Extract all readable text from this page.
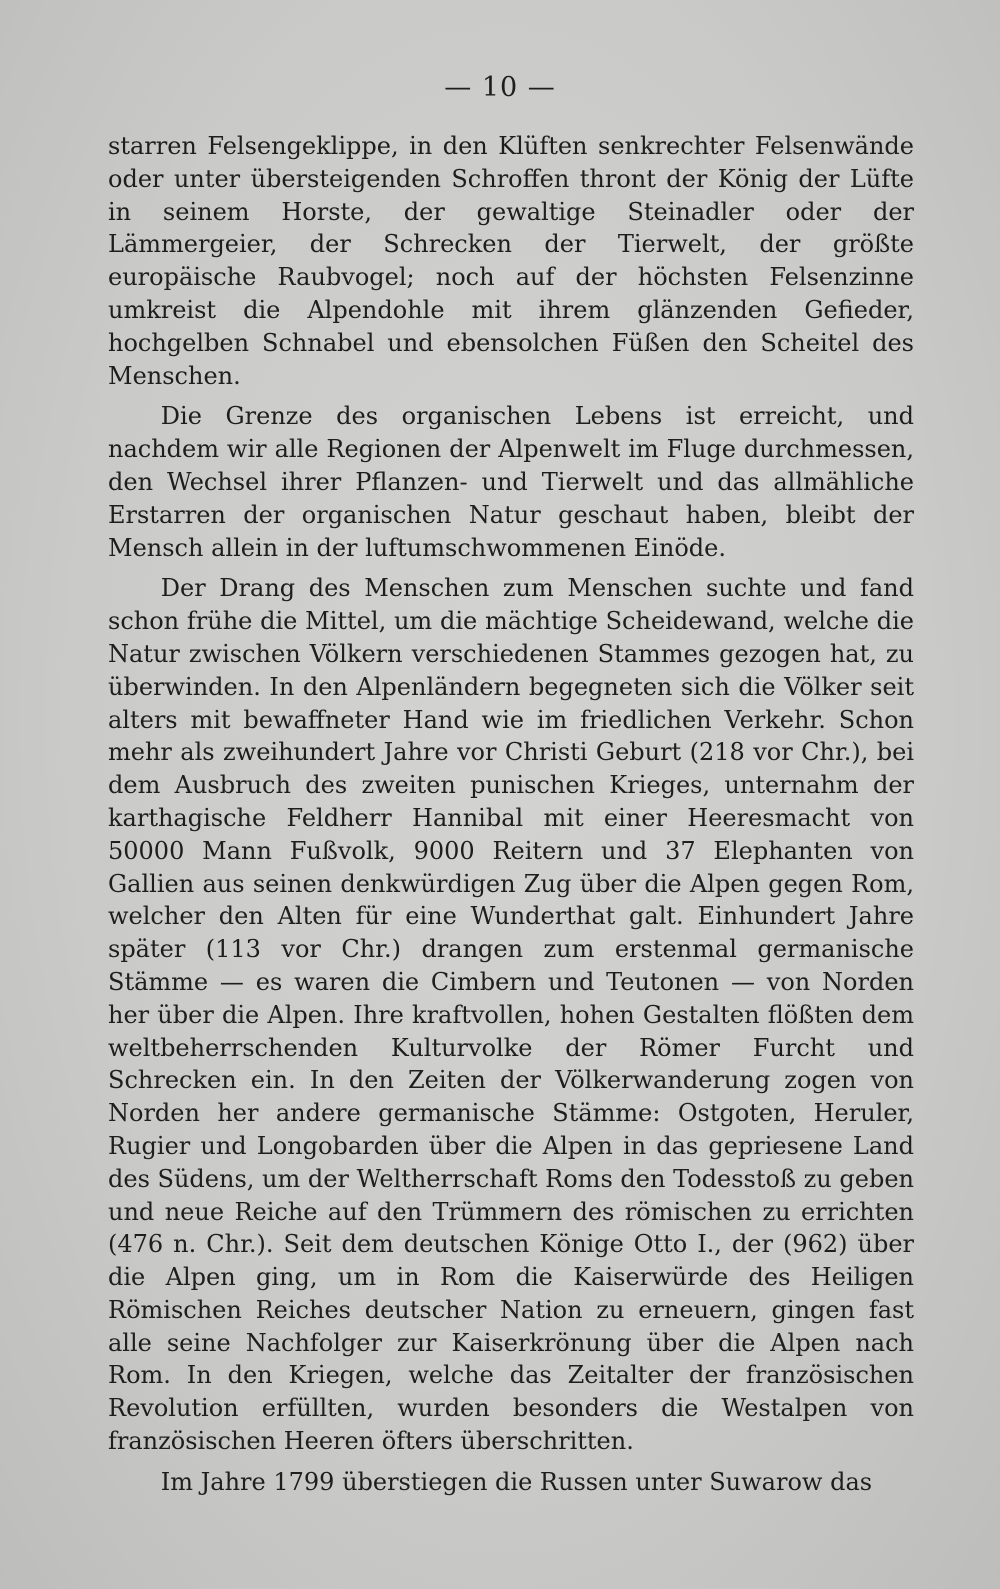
— 10 —

starren Felsengeklippe, in den Klüften senkrechter Felsenwände oder unter übersteigenden Schroffen thront der König der Lüfte in seinem Horste, der gewaltige Steinadler oder der Lämmergeier, der Schrecken der Tierwelt, der größte europäische Raubvogel; noch auf der höchsten Felsenzinne umkreist die Alpendohle mit ihrem glänzenden Gefieder, hochgelben Schnabel und ebensolchen Füßen den Scheitel des Menschen.

Die Grenze des organischen Lebens ist erreicht, und nachdem wir alle Regionen der Alpenwelt im Fluge durchmessen, den Wechsel ihrer Pflanzen- und Tierwelt und das allmähliche Erstarren der organischen Natur geschaut haben, bleibt der Mensch allein in der luftumschwommenen Einöde.

Der Drang des Menschen zum Menschen suchte und fand schon frühe die Mittel, um die mächtige Scheidewand, welche die Natur zwischen Völkern verschiedenen Stammes gezogen hat, zu überwinden. In den Alpenländern begegneten sich die Völker seit alters mit bewaffneter Hand wie im friedlichen Verkehr. Schon mehr als zweihundert Jahre vor Christi Geburt (218 vor Chr.), bei dem Ausbruch des zweiten punischen Krieges, unternahm der karthagische Feldherr Hannibal mit einer Heeresmacht von 50000 Mann Fußvolk, 9000 Reitern und 37 Elephanten von Gallien aus seinen denkwürdigen Zug über die Alpen gegen Rom, welcher den Alten für eine Wunderthat galt. Einhundert Jahre später (113 vor Chr.) drangen zum erstenmal germanische Stämme — es waren die Cimbern und Teutonen — von Norden her über die Alpen. Ihre kraftvollen, hohen Gestalten flößten dem weltbeherrschenden Kulturvolke der Römer Furcht und Schrecken ein. In den Zeiten der Völkerwanderung zogen von Norden her andere germanische Stämme: Ostgoten, Heruler, Rugier und Longobarden über die Alpen in das gepriesene Land des Südens, um der Weltherrschaft Roms den Todesstoß zu geben und neue Reiche auf den Trümmern des römischen zu errichten (476 n. Chr.). Seit dem deutschen Könige Otto I., der (962) über die Alpen ging, um in Rom die Kaiserwürde des Heiligen Römischen Reiches deutscher Nation zu erneuern, gingen fast alle seine Nachfolger zur Kaiserkrönung über die Alpen nach Rom. In den Kriegen, welche das Zeitalter der französischen Revolution erfüllten, wurden besonders die Westalpen von französischen Heeren öfters überschritten.

Im Jahre 1799 überstiegen die Russen unter Suwarow das
